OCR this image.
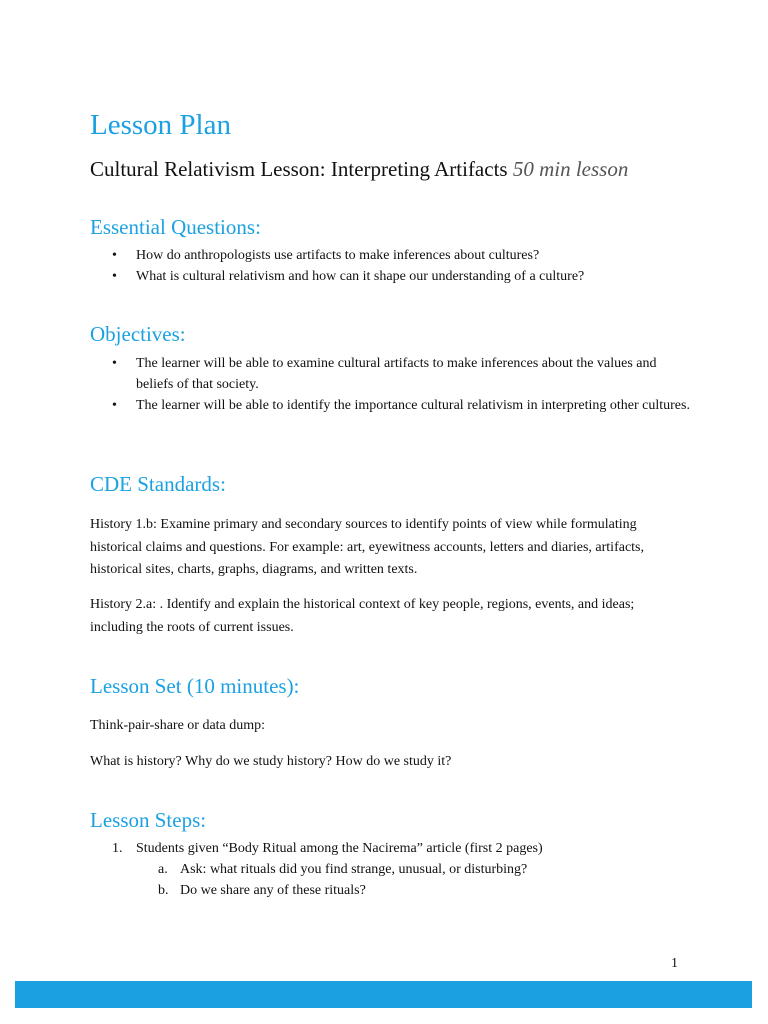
Lesson Plan
Cultural Relativism Lesson: Interpreting Artifacts 50 min lesson
Essential Questions:
• How do anthropologists use artifacts to make inferences about cultures?
• What is cultural relativism and how can it shape our understanding of a culture?
Objectives:
• The learner will be able to examine cultural artifacts to make inferences about the values and beliefs of that society.
• The learner will be able to identify the importance cultural relativism in interpreting other cultures.
CDE Standards:

History 1.b: Examine primary and secondary sources to identify points of view while formulating historical claims and questions. For example: art, eyewitness accounts, letters and diaries, artifacts, historical sites, charts, graphs, diagrams, and written texts.

History 2.a: . Identify and explain the historical context of key people, regions, events, and ideas; including the roots of current issues.

Lesson Set (10 minutes):

Think-pair-share or data dump:

What is history? Why do we study history? How do we study it?

Lesson Steps:
1. Students given “Body Ritual among the Nacirema” article (first 2 pages)
a. Ask: what rituals did you find strange, unusual, or disturbing?
b. Do we share any of these rituals?
1
